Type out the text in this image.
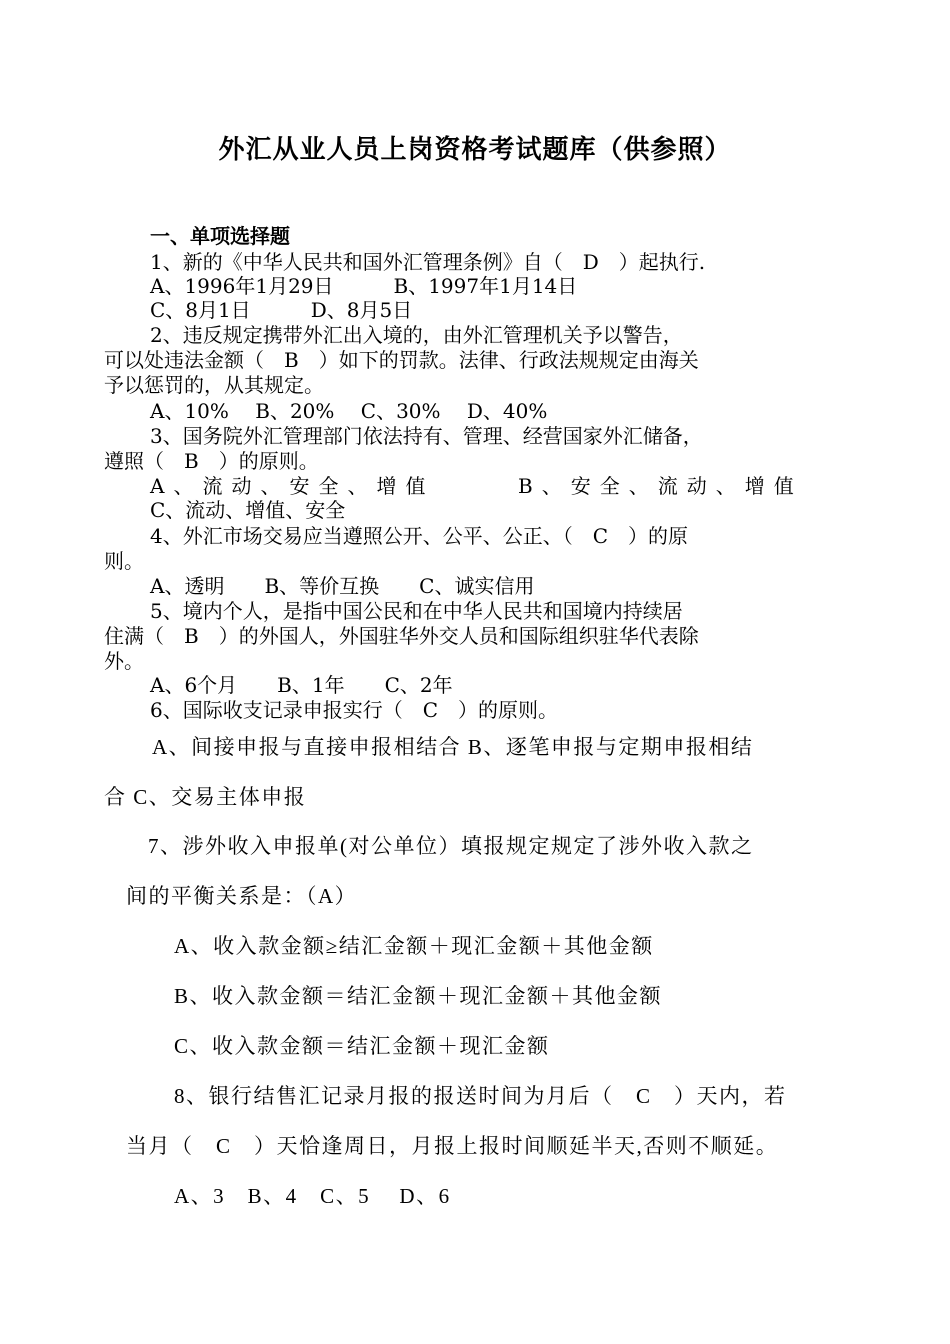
外汇从业人员上岗资格考试题库（供参照）
一、单项选择题
1、新的《中华人民共和国外汇管理条例》自（　D　）起执行.
A、1996年1月29日　　　B、1997年1月14日
C、8月1日　　　D、8月5日
2、违反规定携带外汇出入境的，由外汇管理机关予以警告，
可以处违法金额（　B　）如下的罚款。法律、行政法规规定由海关
予以惩罚的，从其规定。
A、10%　 B、20%　 C、30%　 D、40%
3、国务院外汇管理部门依法持有、管理、经营国家外汇储备，
遵照（　B　）的原则。
A、流动、安全、增值	B、安全、流动、增值
C、流动、增值、安全
4、外汇市场交易应当遵照公开、公平、公正、（　C　）的原
则。
A、透明　　B、等价互换　　C、诚实信用
5、境内个人，是指中国公民和在中华人民共和国境内持续居
住满（　B　）的外国人，外国驻华外交人员和国际组织驻华代表除
外。
A、6个月　　B、1年　　C、2年
6、国际收支记录申报实行（　C　）的原则。
A、间接申报与直接申报相结合 B、逐笔申报与定期申报相结
合 C、交易主体申报
7、涉外收入申报单(对公单位）填报规定规定了涉外收入款之
间的平衡关系是：（A）
A、收入款金额≥结汇金额＋现汇金额＋其他金额
B、收入款金额＝结汇金额＋现汇金额＋其他金额
C、收入款金额＝结汇金额＋现汇金额
8、银行结售汇记录月报的报送时间为月后（　C　）天内，若
当月（　C　）天恰逢周日，月报上报时间顺延半天,否则不顺延。
A、3　B、4　C、5　 D、6
